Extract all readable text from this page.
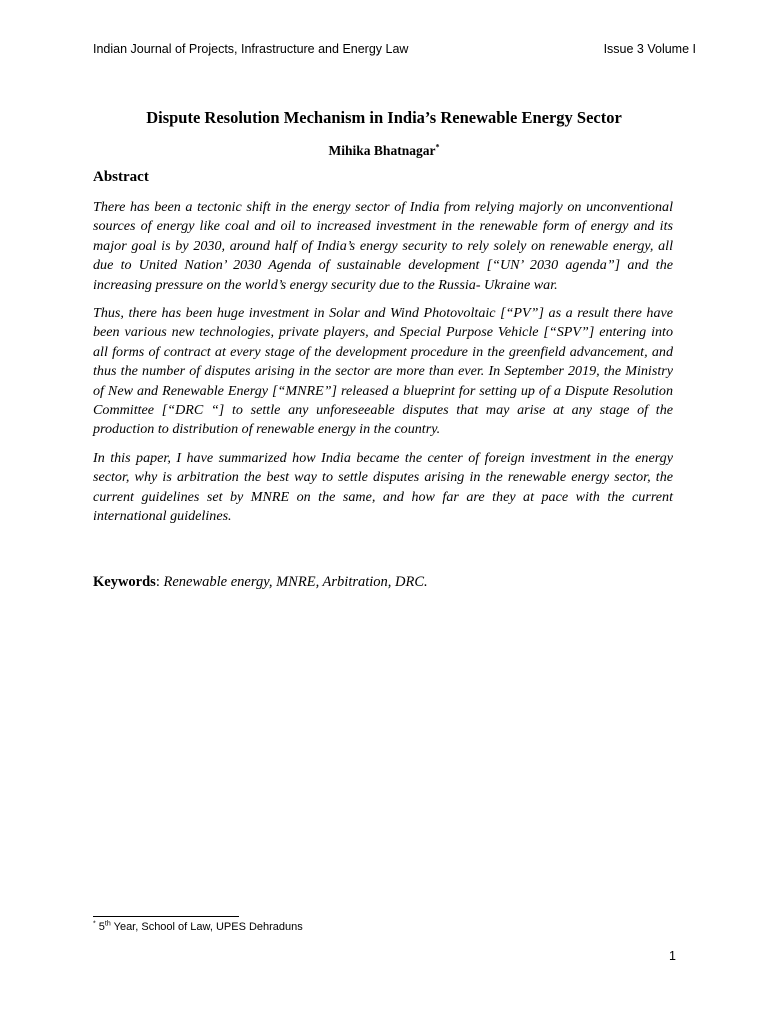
Indian Journal of Projects, Infrastructure and Energy Law	Issue 3 Volume I
Dispute Resolution Mechanism in India’s Renewable Energy Sector
Mihika Bhatnagar*
Abstract

There has been a tectonic shift in the energy sector of India from relying majorly on unconventional sources of energy like coal and oil to increased investment in the renewable form of energy and its major goal is by 2030, around half of India’s energy security to rely solely on renewable energy, all due to United Nation’ 2030 Agenda of sustainable development [“UN’ 2030 agenda”] and the increasing pressure on the world’s energy security due to the Russia- Ukraine war.

Thus, there has been huge investment in Solar and Wind Photovoltaic [“PV”] as a result there have been various new technologies, private players, and Special Purpose Vehicle [“SPV”] entering into all forms of contract at every stage of the development procedure in the greenfield advancement, and thus the number of disputes arising in the sector are more than ever. In September 2019, the Ministry of New and Renewable Energy [“MNRE”] released a blueprint for setting up of a Dispute Resolution Committee [“DRC “] to settle any unforeseeable disputes that may arise at any stage of the production to distribution of renewable energy in the country.

In this paper, I have summarized how India became the center of foreign investment in the energy sector, why is arbitration the best way to settle disputes arising in the renewable energy sector, the current guidelines set by MNRE on the same, and how far are they at pace with the current international guidelines.

Keywords: Renewable energy, MNRE, Arbitration, DRC.
* 5th Year, School of Law, UPES Dehraduns
1
